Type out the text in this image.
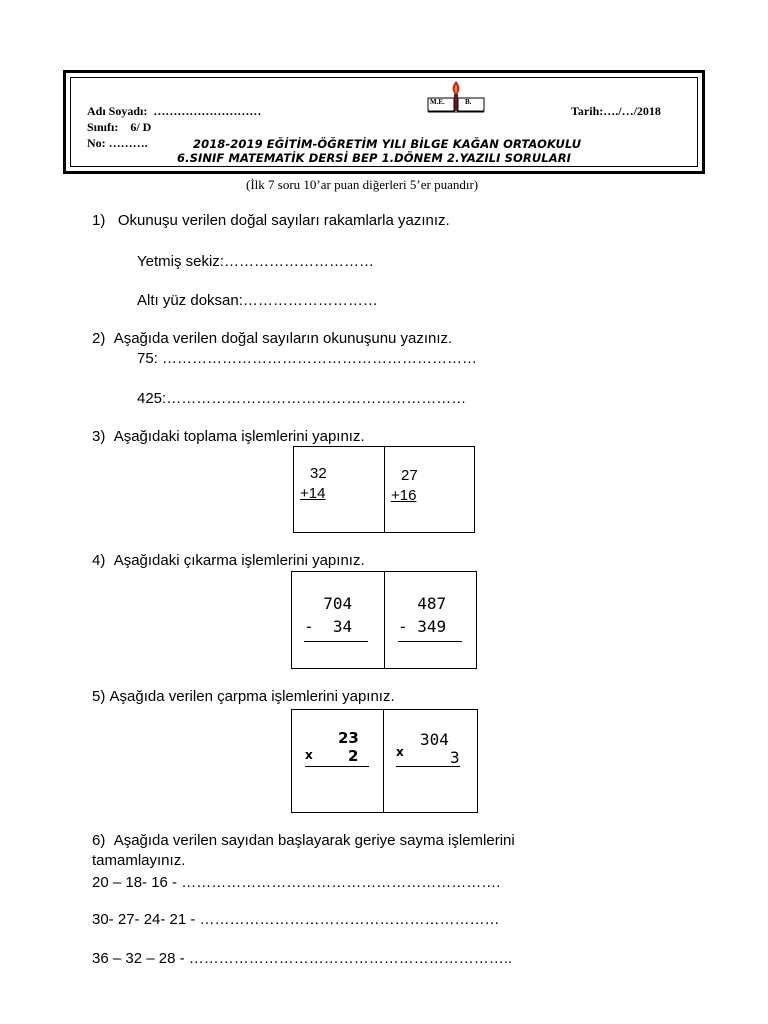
Adı Soyadı: ………………………
Sınıfı: 6/ D
No: ……….
Tarih:…./…/2018
M.E.	B.
2018-2019 EĞİTİM-ÖĞRETİM YILI BİLGE KAĞAN ORTAOKULU
6.SINIF MATEMATİK DERSİ BEP 1.DÖNEM 2.YAZILI SORULARI
(İlk 7 soru 10’ar puan diğerleri 5’er puandır)
1) Okunuşu verilen doğal sayıları rakamlarla yazınız.
Yetmiş sekiz:…………………………
Altı yüz doksan:………………………
2) Aşağıda verilen doğal sayıların okunuşunu yazınız.
75: ………………………………………………………
425:……………………………………………………
3) Aşağıdaki toplama işlemlerini yapınız.
32
+14
27
+16
4) Aşağıdaki çıkarma işlemlerini yapınız.
704
-  34
487
- 349
5) Aşağıda verilen çarpma işlemlerini yapınız.
23
x 2
304
x	3
6) Aşağıda verilen sayıdan başlayarak geriye sayma işlemlerini
tamamlayınız.
20 – 18- 16 - ……………………………………………………….
30- 27- 24- 21 - ……………………………………………………
36 – 32 – 28 - ………………………………………………………..
